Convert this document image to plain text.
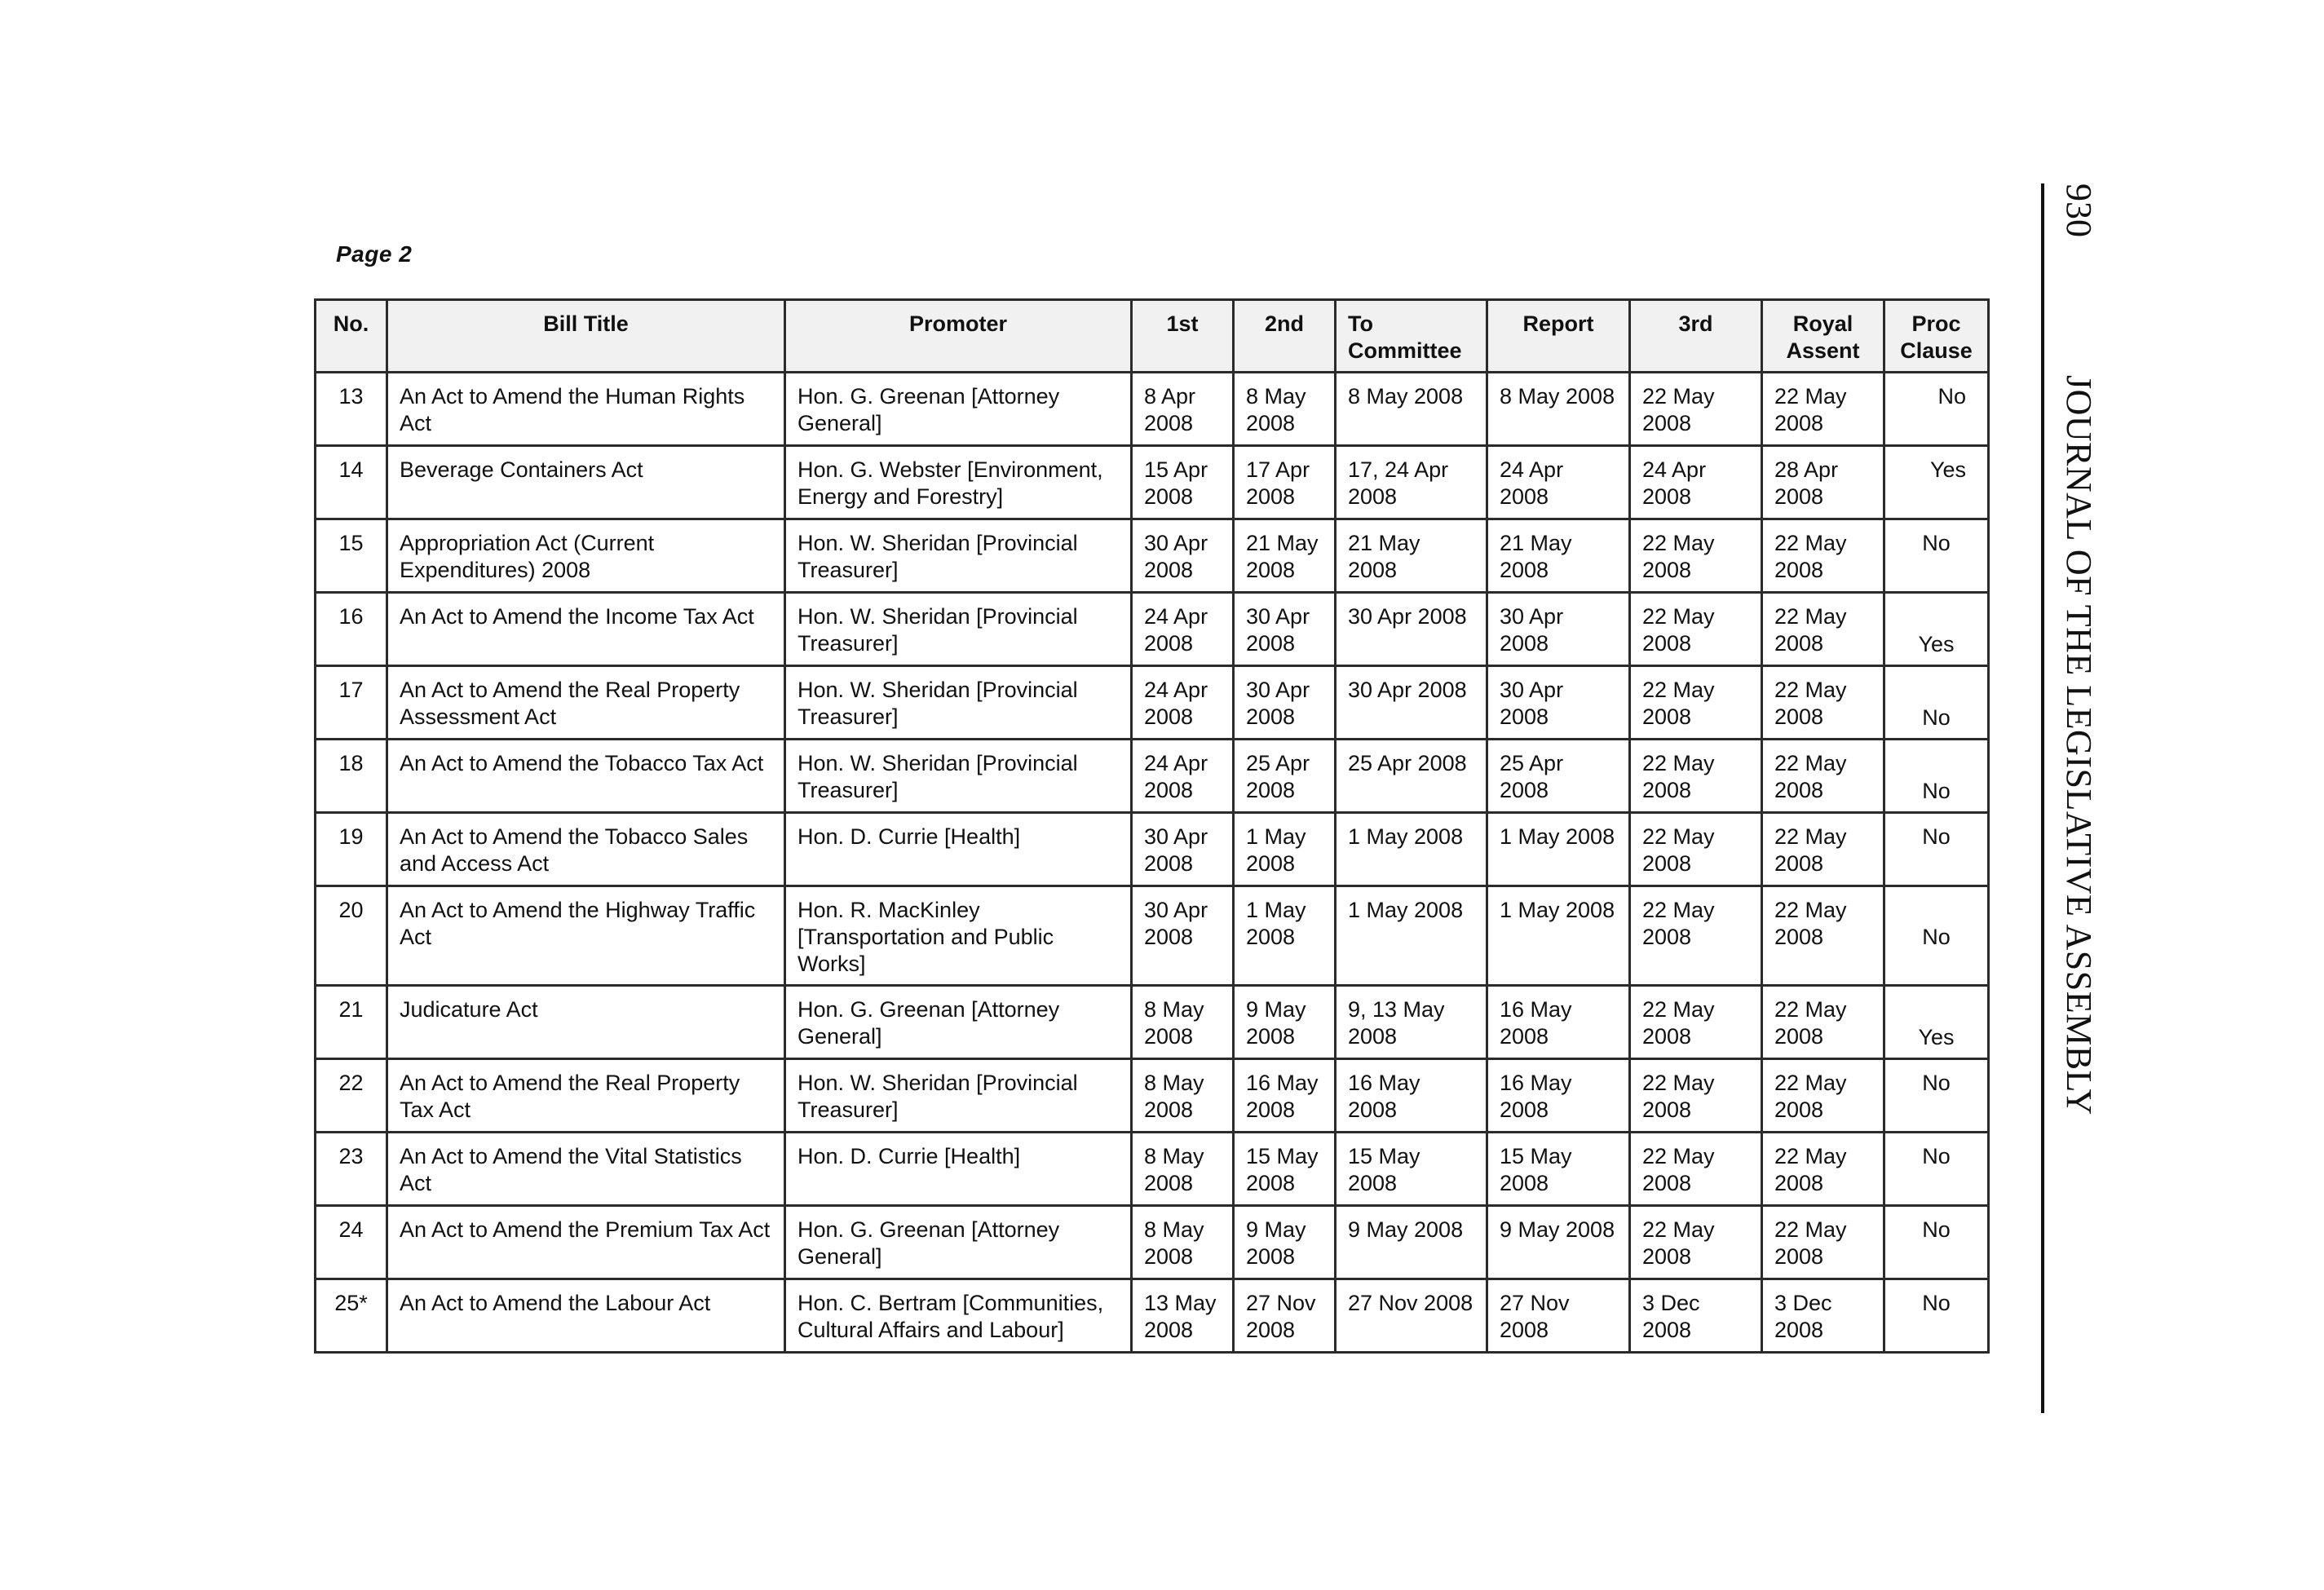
Page 2
No.	Bill Title	Promoter	1st	2nd	To Committee	Report	3rd	Royal Assent	Proc Clause
13	An Act to Amend the Human Rights Act	Hon. G. Greenan [Attorney General]	8 Apr 2008	8 May 2008	8 May 2008	8 May 2008	22 May 2008	22 May 2008	No
14	Beverage Containers Act	Hon. G. Webster [Environment, Energy and Forestry]	15 Apr 2008	17 Apr 2008	17, 24 Apr 2008	24 Apr 2008	24 Apr 2008	28 Apr 2008	Yes
15	Appropriation Act (Current Expenditures) 2008	Hon. W. Sheridan [Provincial Treasurer]	30 Apr 2008	21 May 2008	21 May 2008	21 May 2008	22 May 2008	22 May 2008	No
16	An Act to Amend the Income Tax Act	Hon. W. Sheridan [Provincial Treasurer]	24 Apr 2008	30 Apr 2008	30 Apr 2008	30 Apr 2008	22 May 2008	22 May 2008	Yes
17	An Act to Amend the Real Property Assessment Act	Hon. W. Sheridan [Provincial Treasurer]	24 Apr 2008	30 Apr 2008	30 Apr 2008	30 Apr 2008	22 May 2008	22 May 2008	No
18	An Act to Amend the Tobacco Tax Act	Hon. W. Sheridan [Provincial Treasurer]	24 Apr 2008	25 Apr 2008	25 Apr 2008	25 Apr 2008	22 May 2008	22 May 2008	No
19	An Act to Amend the Tobacco Sales and Access Act	Hon. D. Currie [Health]	30 Apr 2008	1 May 2008	1 May 2008	1 May 2008	22 May 2008	22 May 2008	No
20	An Act to Amend the Highway Traffic Act	Hon. R. MacKinley [Transportation and Public Works]	30 Apr 2008	1 May 2008	1 May 2008	1 May 2008	22 May 2008	22 May 2008	No
21	Judicature Act	Hon. G. Greenan [Attorney General]	8 May 2008	9 May 2008	9, 13 May 2008	16 May 2008	22 May 2008	22 May 2008	Yes
22	An Act to Amend the Real Property Tax Act	Hon. W. Sheridan [Provincial Treasurer]	8 May 2008	16 May 2008	16 May 2008	16 May 2008	22 May 2008	22 May 2008	No
23	An Act to Amend the Vital Statistics Act	Hon. D. Currie [Health]	8 May 2008	15 May 2008	15 May 2008	15 May 2008	22 May 2008	22 May 2008	No
24	An Act to Amend the Premium Tax Act	Hon. G. Greenan [Attorney General]	8 May 2008	9 May 2008	9 May 2008	9 May 2008	22 May 2008	22 May 2008	No
25*	An Act to Amend the Labour Act	Hon. C. Bertram [Communities, Cultural Affairs and Labour]	13 May 2008	27 Nov 2008	27 Nov 2008	27 Nov 2008	3 Dec 2008	3 Dec 2008	No
930
JOURNAL OF THE LEGISLATIVE ASSEMBLY
